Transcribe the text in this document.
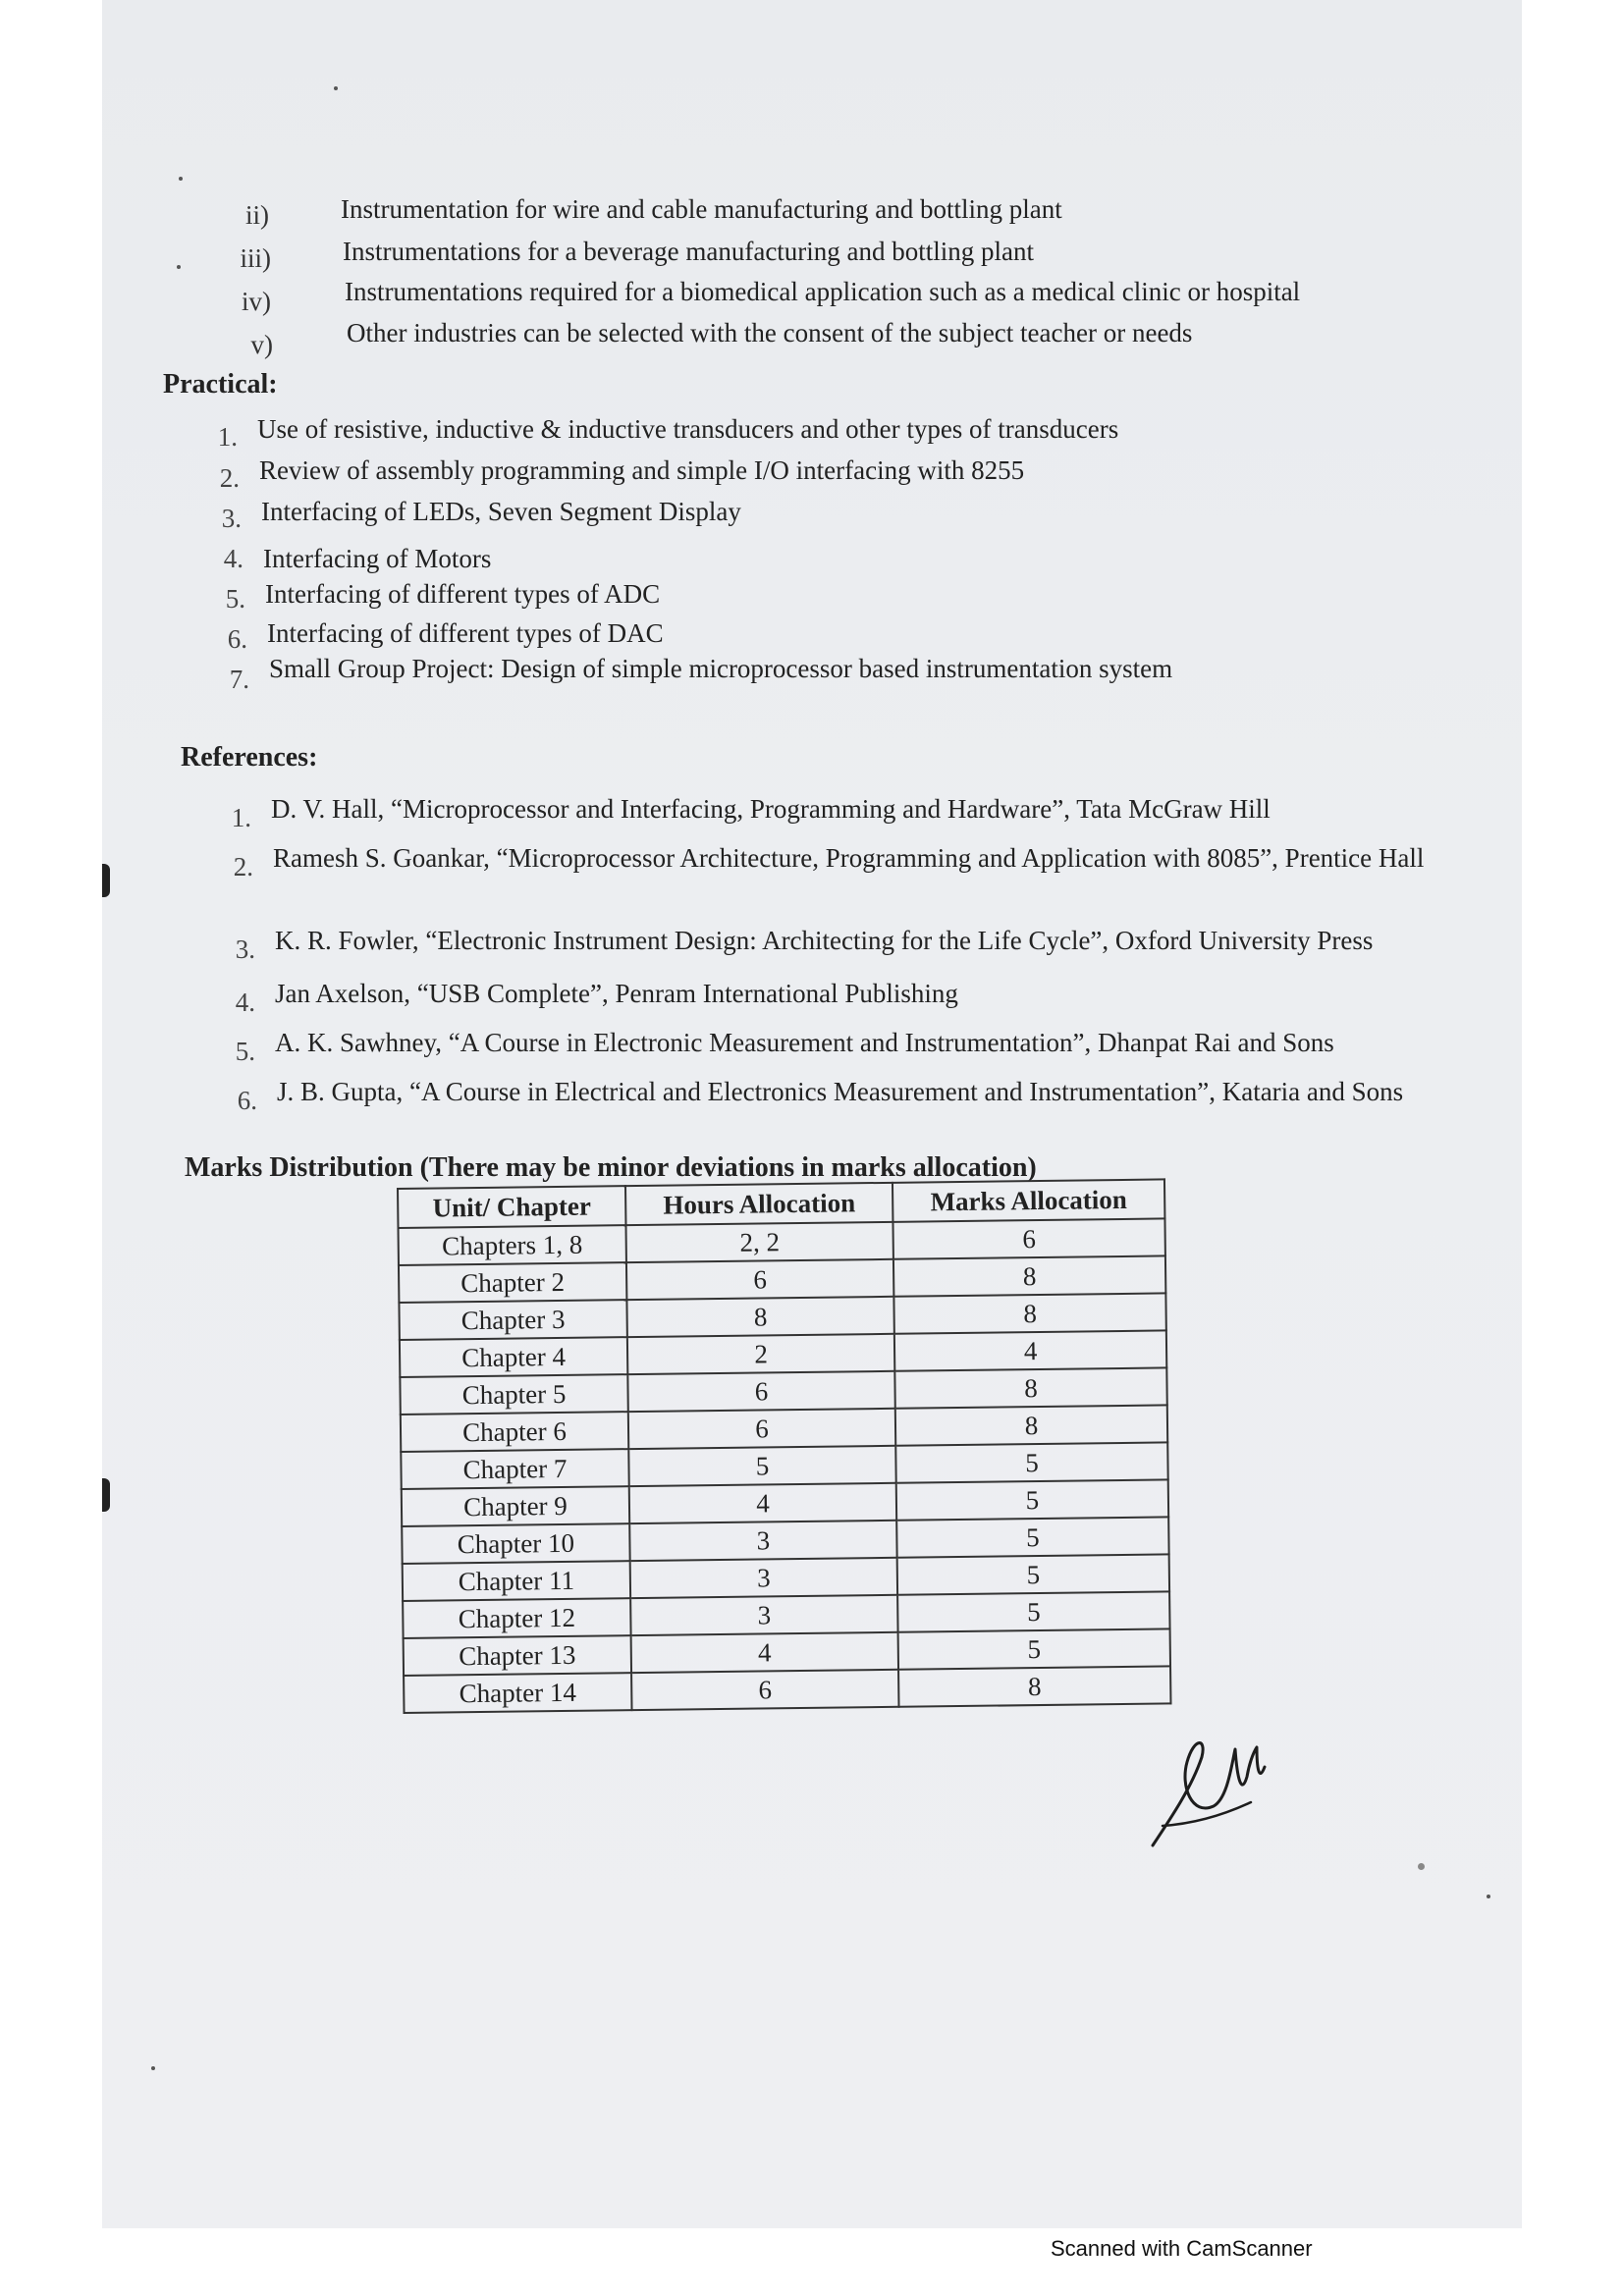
ii)	Instrumentation for wire and cable manufacturing and bottling plant
iii)	Instrumentations for a beverage manufacturing and bottling plant
iv)	Instrumentations required for a biomedical application such as a medical clinic or hospital
v)	Other industries can be selected with the consent of the subject teacher or needs
Practical:
1. Use of resistive, inductive & inductive transducers and other types of transducers
2. Review of assembly programming and simple I/O interfacing with 8255
3. Interfacing of LEDs, Seven Segment Display
4. Interfacing of Motors
5. Interfacing of different types of ADC
6. Interfacing of different types of DAC
7. Small Group Project: Design of simple microprocessor based instrumentation system
References:
1. D. V. Hall, “Microprocessor and Interfacing, Programming and Hardware”, Tata McGraw Hill
2. Ramesh S. Goankar, “Microprocessor Architecture, Programming and Application with 8085”, Prentice Hall
3. K. R. Fowler, “Electronic Instrument Design: Architecting for the Life Cycle”, Oxford University Press
4. Jan Axelson, “USB Complete”, Penram International Publishing
5. A. K. Sawhney, “A Course in Electronic Measurement and Instrumentation”, Dhanpat Rai and Sons
6. J. B. Gupta, “A Course in Electrical and Electronics Measurement and Instrumentation”, Kataria and Sons
Marks Distribution (There may be minor deviations in marks allocation)
Unit/ Chapter	Hours Allocation	Marks Allocation
Chapters 1, 8	2, 2	6
Chapter 2	6	8
Chapter 3	8	8
Chapter 4	2	4
Chapter 5	6	8
Chapter 6	6	8
Chapter 7	5	5
Chapter 9	4	5
Chapter 10	3	5
Chapter 11	3	5
Chapter 12	3	5
Chapter 13	4	5
Chapter 14	6	8
Scanned with CamScanner
